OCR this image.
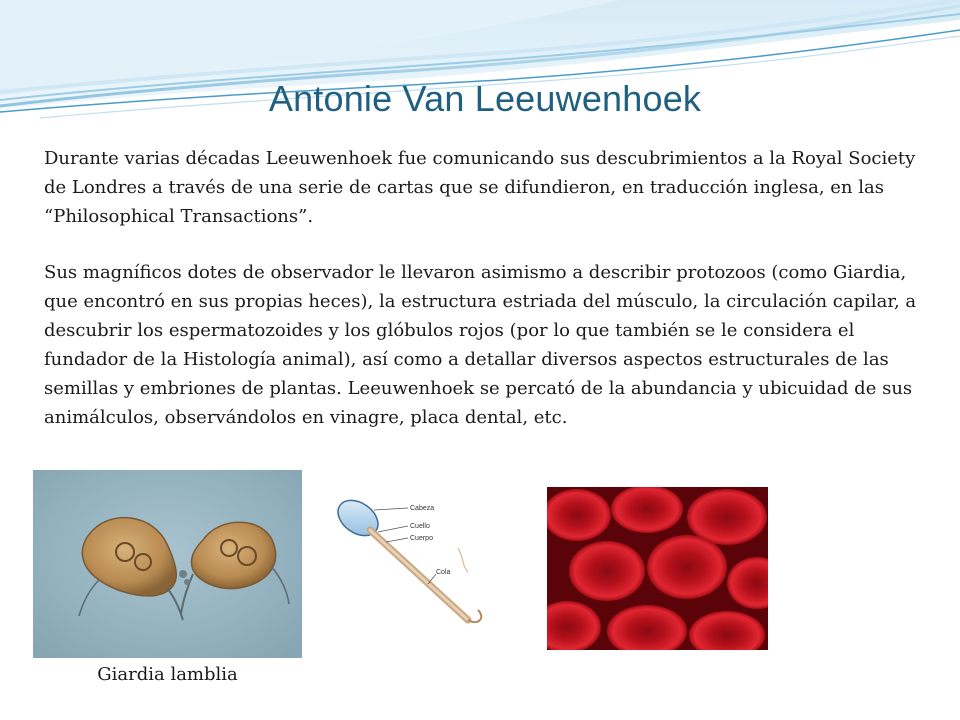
Antonie Van Leeuwenhoek

Durante varias décadas Leeuwenhoek fue comunicando sus descubrimientos a la Royal Society de Londres a través de una serie de cartas que se difundieron, en traducción inglesa, en las “Philosophical Transactions”.

Sus magníficos dotes de observador le llevaron asimismo a describir protozoos (como Giardia, que encontró en sus propias heces), la estructura estriada del músculo, la circulación capilar, a descubrir los espermatozoides y los glóbulos rojos (por lo que también se le considera el fundador de la Histología animal), así como a detallar diversos aspectos estructurales de las semillas y embriones de plantas. Leeuwenhoek se percató de la abundancia y ubicuidad de sus animálculos, observándolos en vinagre, placa dental, etc.

Cabeza
Cuello
Cuerpo
Cola

Giardia lamblia
